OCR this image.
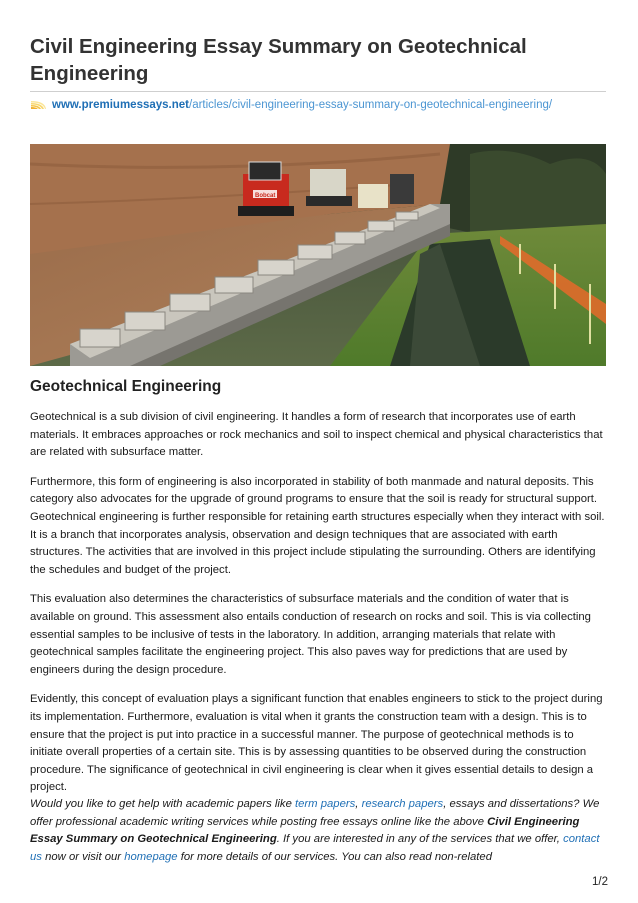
Civil Engineering Essay Summary on Geotechnical Engineering
www.premiumessays.net/articles/civil-engineering-essay-summary-on-geotechnical-engineering/
Bobcat
Geotechnical Engineering

Geotechnical is a sub division of civil engineering. It handles a form of research that incorporates use of earth materials. It embraces approaches or rock mechanics and soil to inspect chemical and physical characteristics that are related with subsurface matter.

Furthermore, this form of engineering is also incorporated in stability of both manmade and natural deposits. This category also advocates for the upgrade of ground programs to ensure that the soil is ready for structural support. Geotechnical engineering is further responsible for retaining earth structures especially when they interact with soil. It is a branch that incorporates analysis, observation and design techniques that are associated with earth structures. The activities that are involved in this project include stipulating the surrounding. Others are identifying the schedules and budget of the project.

This evaluation also determines the characteristics of subsurface materials and the condition of water that is available on ground. This assessment also entails conduction of research on rocks and soil. This is via collecting essential samples to be inclusive of tests in the laboratory. In addition, arranging materials that relate with geotechnical samples facilitate the engineering project. This also paves way for predictions that are used by engineers during the design procedure.

Evidently, this concept of evaluation plays a significant function that enables engineers to stick to the project during its implementation. Furthermore, evaluation is vital when it grants the construction team with a design. This is to ensure that the project is put into practice in a successful manner. The purpose of geotechnical methods is to initiate overall properties of a certain site. This is by assessing quantities to be observed during the construction procedure. The significance of geotechnical in civil engineering is clear when it gives essential details to design a project.

Would you like to get help with academic papers like term papers, research papers, essays and dissertations? We offer professional academic writing services while posting free essays online like the above Civil Engineering Essay Summary on Geotechnical Engineering. If you are interested in any of the services that we offer, contact us now or visit our homepage for more details of our services. You can also read non-related
1/2
